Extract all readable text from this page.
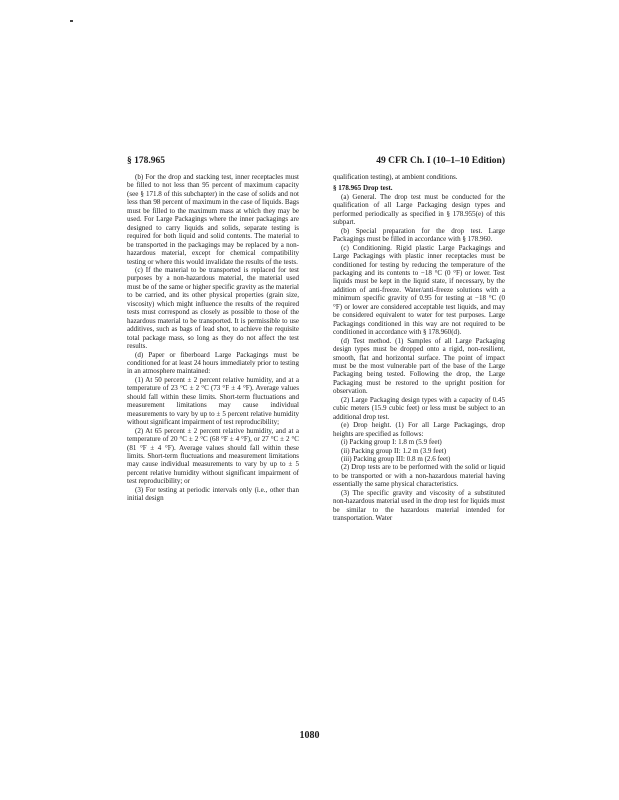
§ 178.965	49 CFR Ch. I (10–1–10 Edition)

(b) For the drop and stacking test, inner receptacles must be filled to not less than 95 percent of maximum capacity (see § 171.8 of this subchapter) in the case of solids and not less than 98 percent of maximum in the case of liquids. Bags must be filled to the maximum mass at which they may be used. For Large Packagings where the inner packagings are designed to carry liquids and solids, separate testing is required for both liquid and solid contents. The material to be transported in the packagings may be replaced by a non-hazardous material, except for chemical compatibility testing or where this would invalidate the results of the tests.

(c) If the material to be transported is replaced for test purposes by a non-hazardous material, the material used must be of the same or higher specific gravity as the material to be carried, and its other physical properties (grain size, viscosity) which might influence the results of the required tests must correspond as closely as possible to those of the hazardous material to be transported. It is permissible to use additives, such as bags of lead shot, to achieve the requisite total package mass, so long as they do not affect the test results.

(d) Paper or fiberboard Large Packagings must be conditioned for at least 24 hours immediately prior to testing in an atmosphere maintained:

(1) At 50 percent ± 2 percent relative humidity, and at a temperature of 23 °C ± 2 °C (73 °F ± 4 °F). Average values should fall within these limits. Short-term fluctuations and measurement limitations may cause individual measurements to vary by up to ± 5 percent relative humidity without significant impairment of test reproducibility;

(2) At 65 percent ± 2 percent relative humidity, and at a temperature of 20 °C ± 2 °C (68 °F ± 4 °F), or 27 °C ± 2 °C (81 °F ± 4 °F). Average values should fall within these limits. Short-term fluctuations and measurement limitations may cause individual measurements to vary by up to ± 5 percent relative humidity without significant impairment of test reproducibility; or

(3) For testing at periodic intervals only (i.e., other than initial design

qualification testing), at ambient conditions.

§ 178.965 Drop test.

(a) General. The drop test must be conducted for the qualification of all Large Packaging design types and performed periodically as specified in § 178.955(e) of this subpart.

(b) Special preparation for the drop test. Large Packagings must be filled in accordance with § 178.960.

(c) Conditioning. Rigid plastic Large Packagings and Large Packagings with plastic inner receptacles must be conditioned for testing by reducing the temperature of the packaging and its contents to −18 °C (0 °F) or lower. Test liquids must be kept in the liquid state, if necessary, by the addition of anti-freeze. Water/anti-freeze solutions with a minimum specific gravity of 0.95 for testing at −18 °C (0 °F) or lower are considered acceptable test liquids, and may be considered equivalent to water for test purposes. Large Packagings conditioned in this way are not required to be conditioned in accordance with § 178.960(d).

(d) Test method. (1) Samples of all Large Packaging design types must be dropped onto a rigid, non-resilient, smooth, flat and horizontal surface. The point of impact must be the most vulnerable part of the base of the Large Packaging being tested. Following the drop, the Large Packaging must be restored to the upright position for observation.

(2) Large Packaging design types with a capacity of 0.45 cubic meters (15.9 cubic feet) or less must be subject to an additional drop test.

(e) Drop height. (1) For all Large Packagings, drop heights are specified as follows:

(i) Packing group I: 1.8 m (5.9 feet)

(ii) Packing group II: 1.2 m (3.9 feet)

(iii) Packing group III: 0.8 m (2.6 feet)

(2) Drop tests are to be performed with the solid or liquid to be transported or with a non-hazardous material having essentially the same physical characteristics.

(3) The specific gravity and viscosity of a substituted non-hazardous material used in the drop test for liquids must be similar to the hazardous material intended for transportation. Water

1080
